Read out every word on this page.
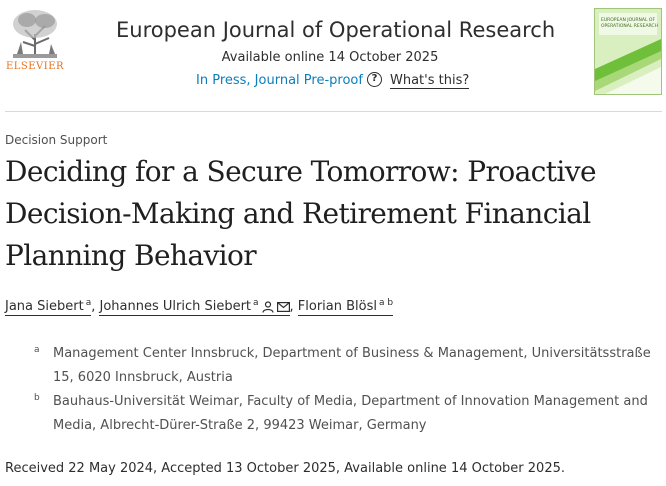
ELSEVIER
European Journal of Operational Research
Available online 14 October 2025
In Press, Journal Pre-proof ? What's this?
EUROPEAN JOURNAL OF
OPERATIONAL RESEARCH
Decision Support
Deciding for a Secure Tomorrow: Proactive Decision-Making and Retirement Financial Planning Behavior
Jana Siebert $^a$, Johannes Ulrich Siebert $^a$ , Florian Blösl $^{a b}$
a Management Center Innsbruck, Department of Business & Management, Universitätsstraße 15, 6020 Innsbruck, Austria
b Bauhaus-Universität Weimar, Faculty of Media, Department of Innovation Management and Media, Albrecht-Dürer-Straße 2, 99423 Weimar, Germany
Received 22 May 2024, Accepted 13 October 2025, Available online 14 October 2025.
